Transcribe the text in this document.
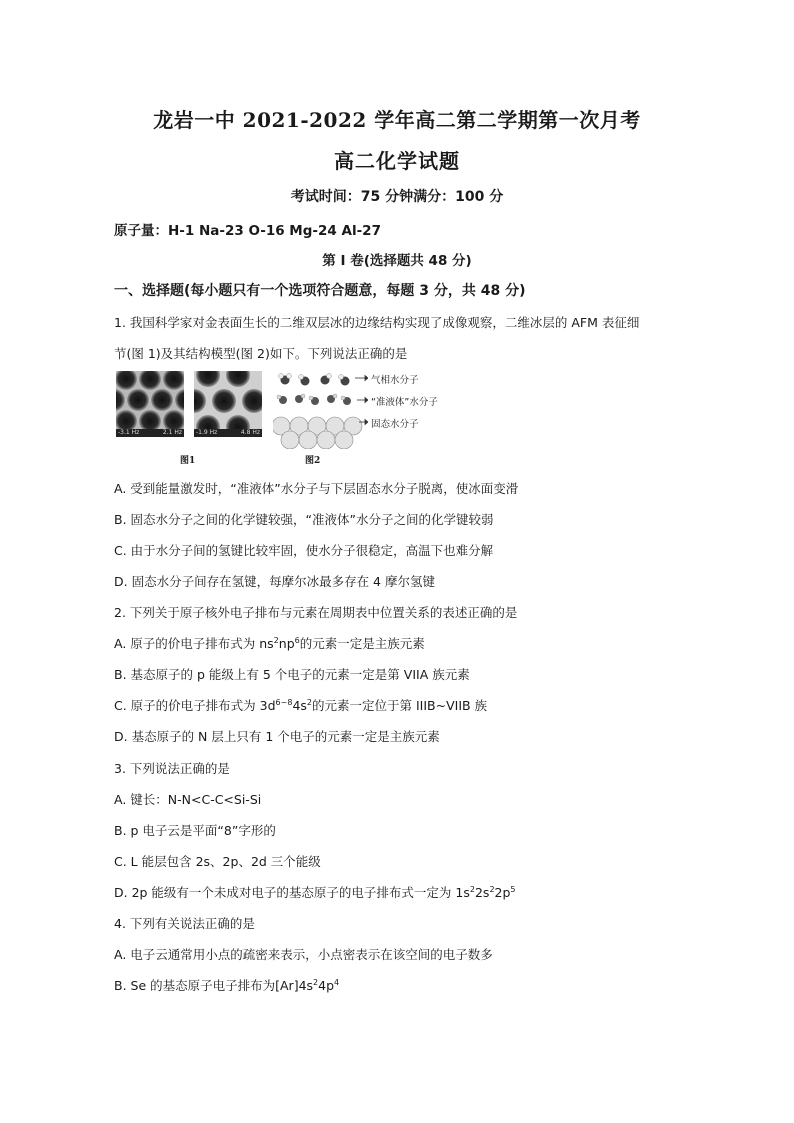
龙岩一中 2021-2022 学年高二第二学期第一次月考
高二化学试题
考试时间：75 分钟满分：100 分
原子量：H-1 Na-23 O-16 Mg-24 Al-27
第 I 卷(选择题共 48 分)
一、选择题(每小题只有一个选项符合题意，每题 3 分，共 48 分)
1. 我国科学家对金表面生长的二维双层冰的边缘结构实现了成像观察，二维冰层的 AFM 表征细
节(图 1)及其结构模型(图 2)如下。下列说法正确的是
-3.1 Hz	2.1 Hz -1.9 Hz	4.8 Hz
图1	图2
气相水分子
“准液体”水分子
固态水分子
A. 受到能量激发时，“准液体”水分子与下层固态水分子脱离，使冰面变滑
B. 固态水分子之间的化学键较强，“准液体”水分子之间的化学键较弱
C. 由于水分子间的氢键比较牢固，使水分子很稳定，高温下也难分解
D. 固态水分子间存在氢键，每摩尔冰最多存在 4 摩尔氢键
2. 下列关于原子核外电子排布与元素在周期表中位置关系的表述正确的是
A. 原子的价电子排布式为 $ns^2np^6$的元素一定是主族元素
B. 基态原子的 p 能级上有 5 个电子的元素一定是第 VIIA 族元素
C. 原子的价电子排布式为 $3d^{6\sim 8}4s^2$的元素一定位于第 IIIB~VIIB 族
D. 基态原子的 N 层上只有 1 个电子的元素一定是主族元素
3. 下列说法正确的是
A. 键长：N-N<C-C<Si-Si
B. p 电子云是平面“8”字形的
C. L 能层包含 2s、2p、2d 三个能级
D. 2p 能级有一个未成对电子的基态原子的电子排布式一定为 $1s^22s^22p^5$
4. 下列有关说法正确的是
A. 电子云通常用小点的疏密来表示，小点密表示在该空间的电子数多
B. Se 的基态原子电子排布为$[Ar]4s^24p^4$
